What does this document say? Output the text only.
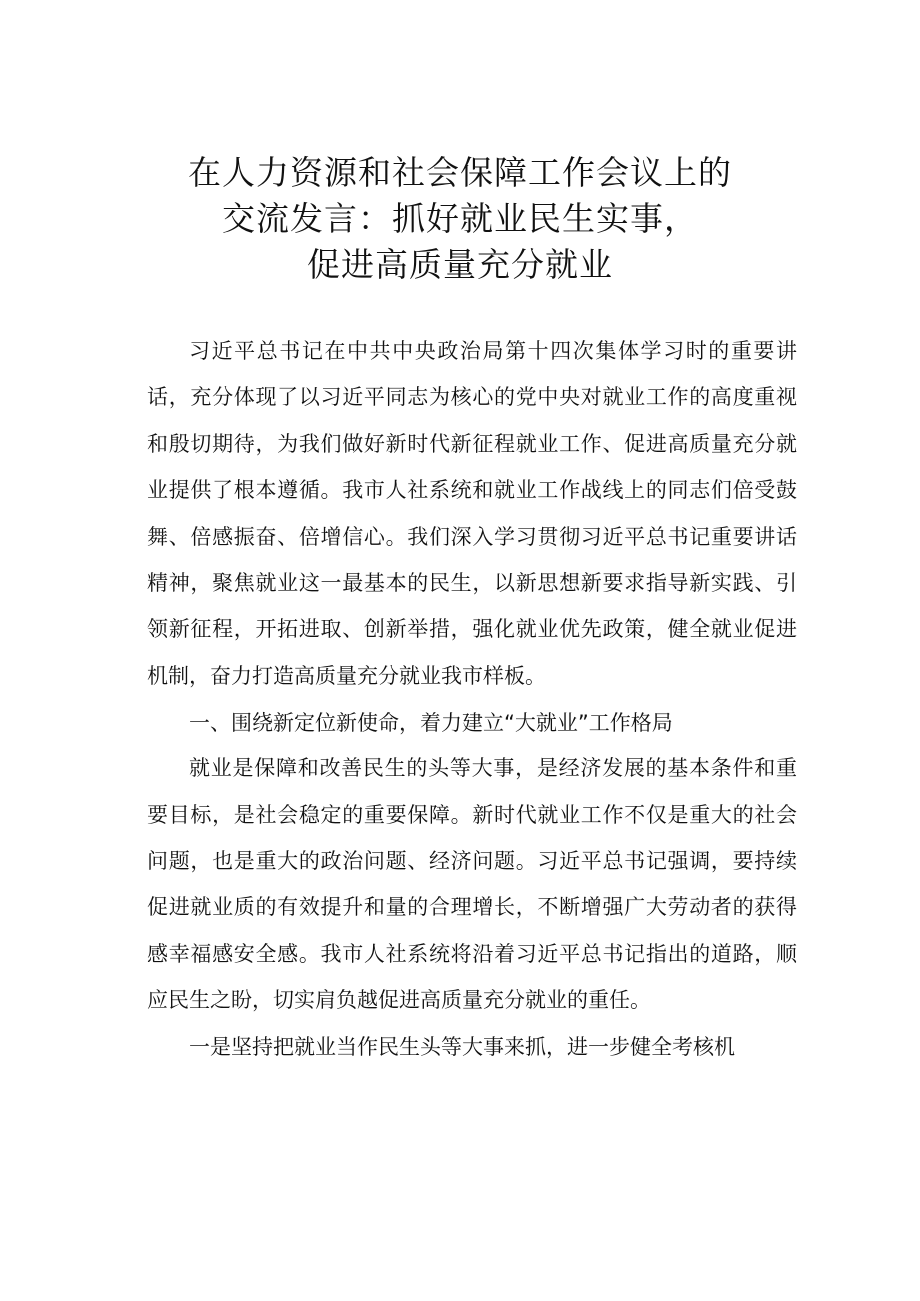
在人力资源和社会保障工作会议上的
交流发言：抓好就业民生实事，
促进高质量充分就业

习近平总书记在中共中央政治局第十四次集体学习时的重要讲话，充分体现了以习近平同志为核心的党中央对就业工作的高度重视和殷切期待，为我们做好新时代新征程就业工作、促进高质量充分就业提供了根本遵循。我市人社系统和就业工作战线上的同志们倍受鼓舞、倍感振奋、倍增信心。我们深入学习贯彻习近平总书记重要讲话精神，聚焦就业这一最基本的民生，以新思想新要求指导新实践、引领新征程，开拓进取、创新举措，强化就业优先政策，健全就业促进机制，奋力打造高质量充分就业我市样板。

一、围绕新定位新使命，着力建立“大就业”工作格局

就业是保障和改善民生的头等大事，是经济发展的基本条件和重要目标，是社会稳定的重要保障。新时代就业工作不仅是重大的社会问题，也是重大的政治问题、经济问题。习近平总书记强调，要持续促进就业质的有效提升和量的合理增长，不断增强广大劳动者的获得感幸福感安全感。我市人社系统将沿着习近平总书记指出的道路，顺应民生之盼，切实肩负越促进高质量充分就业的重任。

一是坚持把就业当作民生头等大事来抓，进一步健全考核机
